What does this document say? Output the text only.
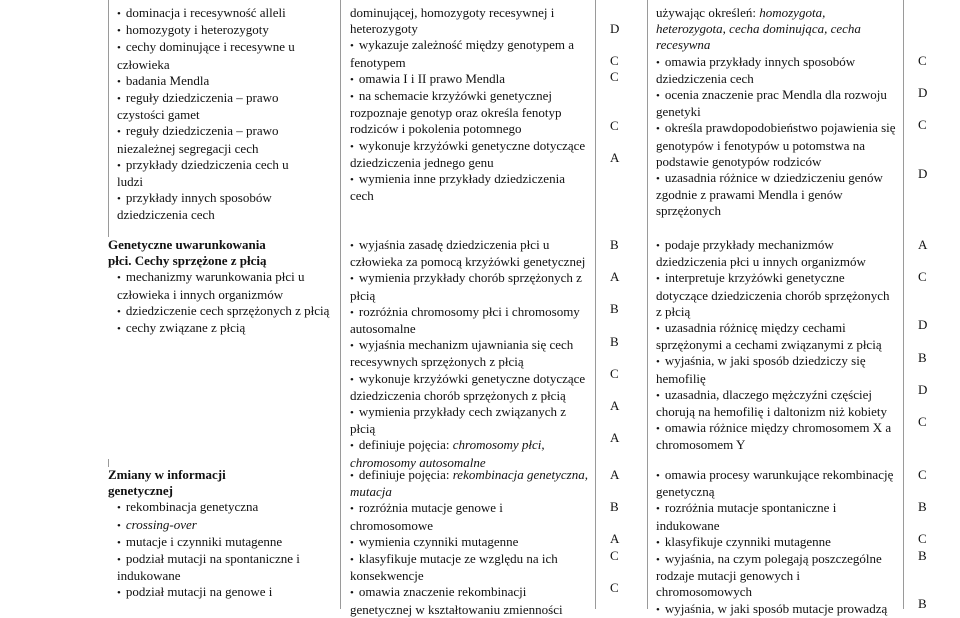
• dominacja i recesywność alleli
• homozygoty i heterozygoty
• cechy dominujące i recesywne u człowieka
• badania Mendla
• reguły dziedziczenia – prawo czystości gamet
• reguły dziedziczenia – prawo niezależnej segregacji cech
• przykłady dziedziczenia cech u ludzi
• przykłady innych sposobów dziedziczenia cech
dominującej, homozygoty recesywnej i heterozygoty
• wykazuje zależność między genotypem a fenotypem
• omawia I i II prawo Mendla
• na schemacie krzyżówki genetycznej rozpoznaje genotyp oraz określa fenotyp rodziców i pokolenia potomnego
• wykonuje krzyżówki genetyczne dotyczące dziedziczenia jednego genu
• wymienia inne przykłady dziedziczenia cech
D
C
C
C
A
używając określeń: homozygota, heterozygota, cecha dominująca, cecha recesywna
• omawia przykłady innych sposobów dziedziczenia cech
• ocenia znaczenie prac Mendla dla rozwoju genetyki
• określa prawdopodobieństwo pojawienia się genotypów i fenotypów u potomstwa na podstawie genotypów rodziców
• uzasadnia różnice w dziedziczeniu genów zgodnie z prawami Mendla i genów sprzężonych
C
D
C
D
Genetyczne uwarunkowania
płci. Cechy sprzężone z płcią
• mechanizmy warunkowania płci u człowieka i innych organizmów
• dziedziczenie cech sprzężonych z płcią
• cechy związane z płcią
• wyjaśnia zasadę dziedziczenia płci u człowieka za pomocą krzyżówki genetycznej
• wymienia przykłady chorób sprzężonych z płcią
• rozróżnia chromosomy płci i chromosomy autosomalne
• wyjaśnia mechanizm ujawniania się cech recesywnych sprzężonych z płcią
• wykonuje krzyżówki genetyczne dotyczące dziedziczenia chorób sprzężonych z płcią
• wymienia przykłady cech związanych z płcią
• definiuje pojęcia: chromosomy płci, chromosomy autosomalne
B
A
B
B
C
A
A
• podaje przykłady mechanizmów dziedziczenia płci u innych organizmów
• interpretuje krzyżówki genetyczne dotyczące dziedziczenia chorób sprzężonych z płcią
• uzasadnia różnicę między cechami sprzężonymi a cechami związanymi z płcią
• wyjaśnia, w jaki sposób dziedziczy się hemofilię
• uzasadnia, dlaczego mężczyźni częściej chorują na hemofilię i daltonizm niż kobiety
• omawia różnice między chromosomem X a chromosomem Y
A
C
D
B
D
C
Zmiany w informacji
genetycznej
• rekombinacja genetyczna
• crossing-over
• mutacje i czynniki mutagenne
• podział mutacji na spontaniczne i indukowane
• podział mutacji na genowe i
• definiuje pojęcia: rekombinacja genetyczna, mutacja
• rozróżnia mutacje genowe i chromosomowe
• wymienia czynniki mutagenne
• klasyfikuje mutacje ze względu na ich konsekwencje
• omawia znaczenie rekombinacji genetycznej w kształtowaniu zmienności
A
B
A
C
C
• omawia procesy warunkujące rekombinację genetyczną
• rozróżnia mutacje spontaniczne i indukowane
• klasyfikuje czynniki mutagenne
• wyjaśnia, na czym polegają poszczególne rodzaje mutacji genowych i chromosomowych
• wyjaśnia, w jaki sposób mutacje prowadzą
C
B
C
B
B
